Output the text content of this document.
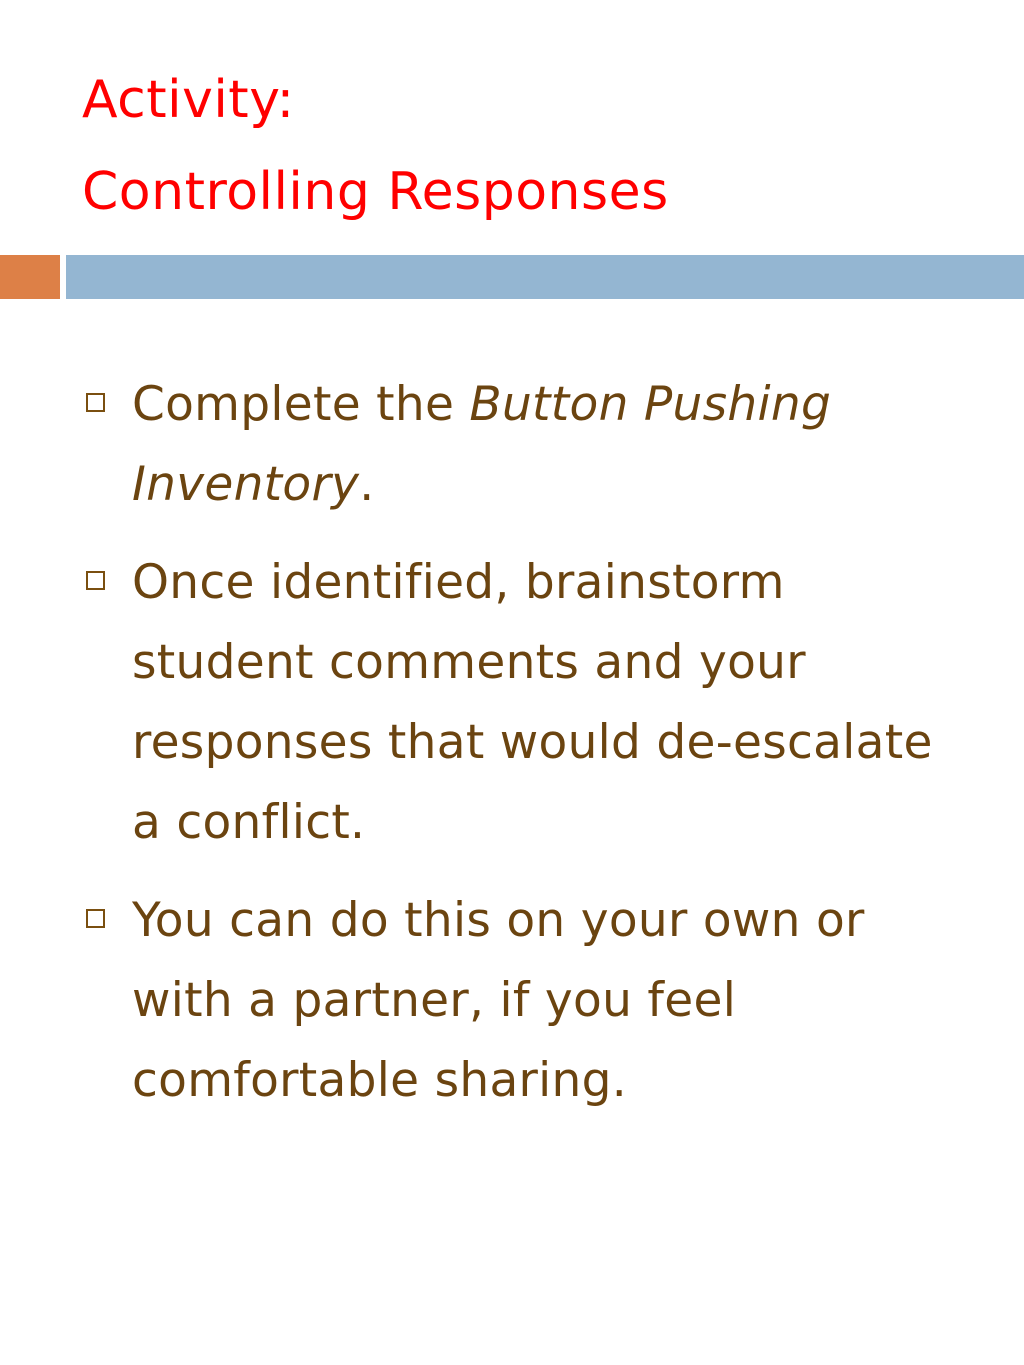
Activity:
Controlling Responses
Complete the Button Pushing Inventory.
Once identified, brainstorm student comments and your responses that would de-escalate a conflict.
You can do this on your own or with a partner, if you feel comfortable sharing.
